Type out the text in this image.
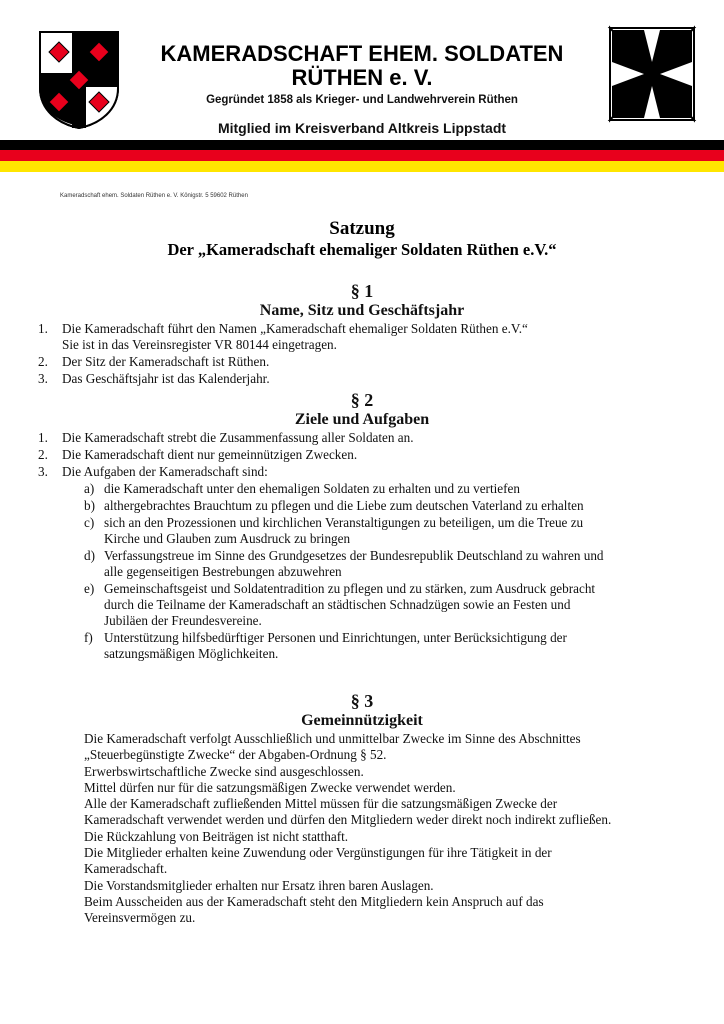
KAMERADSCHAFT EHEM. SOLDATEN
RÜTHEN e. V.
Gegründet 1858 als Krieger- und Landwehrverein Rüthen
Mitglied im Kreisverband Altkreis Lippstadt
Kameradschaft ehem. Soldaten Rüthen e. V. Königstr. 5 59602 Rüthen
Satzung
Der „Kameradschaft ehemaliger Soldaten Rüthen e.V.“
§ 1
Name, Sitz und Geschäftsjahr
1.	Die Kameradschaft führt den Namen „Kameradschaft ehemaliger Soldaten Rüthen e.V.“
Sie ist in das Vereinsregister VR 80144 eingetragen.
2.	Der Sitz der Kameradschaft ist Rüthen.
3.	Das Geschäftsjahr ist das Kalenderjahr.
§ 2
Ziele und Aufgaben
1.	Die Kameradschaft strebt die Zusammenfassung aller Soldaten an.
2.	Die Kameradschaft dient nur gemeinnützigen Zwecken.
3.	Die Aufgaben der Kameradschaft sind:
a) die Kameradschaft unter den ehemaligen Soldaten zu erhalten und zu vertiefen
b) althergebrachtes Brauchtum zu pflegen und die Liebe zum deutschen Vaterland zu erhalten
c) sich an den Prozessionen und kirchlichen Veranstaltigungen zu beteiligen, um die Treue zu
Kirche und Glauben zum Ausdruck zu bringen
d) Verfassungstreue im Sinne des Grundgesetzes der Bundesrepublik Deutschland zu wahren und
alle gegenseitigen Bestrebungen abzuwehren
e) Gemeinschaftsgeist und Soldatentradition zu pflegen und zu stärken, zum Ausdruck gebracht
durch die Teilname der Kameradschaft an städtischen Schnadzügen sowie an Festen und
Jubiläen der Freundesvereine.
f) Unterstützung hilfsbedürftiger Personen und Einrichtungen, unter Berücksichtigung der
satzungsmäßigen Möglichkeiten.
§ 3
Gemeinnützigkeit
Die Kameradschaft verfolgt Ausschließlich und unmittelbar Zwecke im Sinne des Abschnittes
„Steuerbegünstigte Zwecke“ der Abgaben-Ordnung § 52.
Erwerbswirtschaftliche Zwecke sind ausgeschlossen.
Mittel dürfen nur für die satzungsmäßigen Zwecke verwendet werden.
Alle der Kameradschaft zufließenden Mittel müssen für die satzungsmäßigen Zwecke der
Kameradschaft verwendet werden und dürfen den Mitgliedern weder direkt noch indirekt zufließen.
Die Rückzahlung von Beiträgen ist nicht statthaft.
Die Mitglieder erhalten keine Zuwendung oder Vergünstigungen für ihre Tätigkeit in der
Kameradschaft.
Die Vorstandsmitglieder erhalten nur Ersatz ihren baren Auslagen.
Beim Ausscheiden aus der Kameradschaft steht den Mitgliedern kein Anspruch auf das
Vereinsvermögen zu.
